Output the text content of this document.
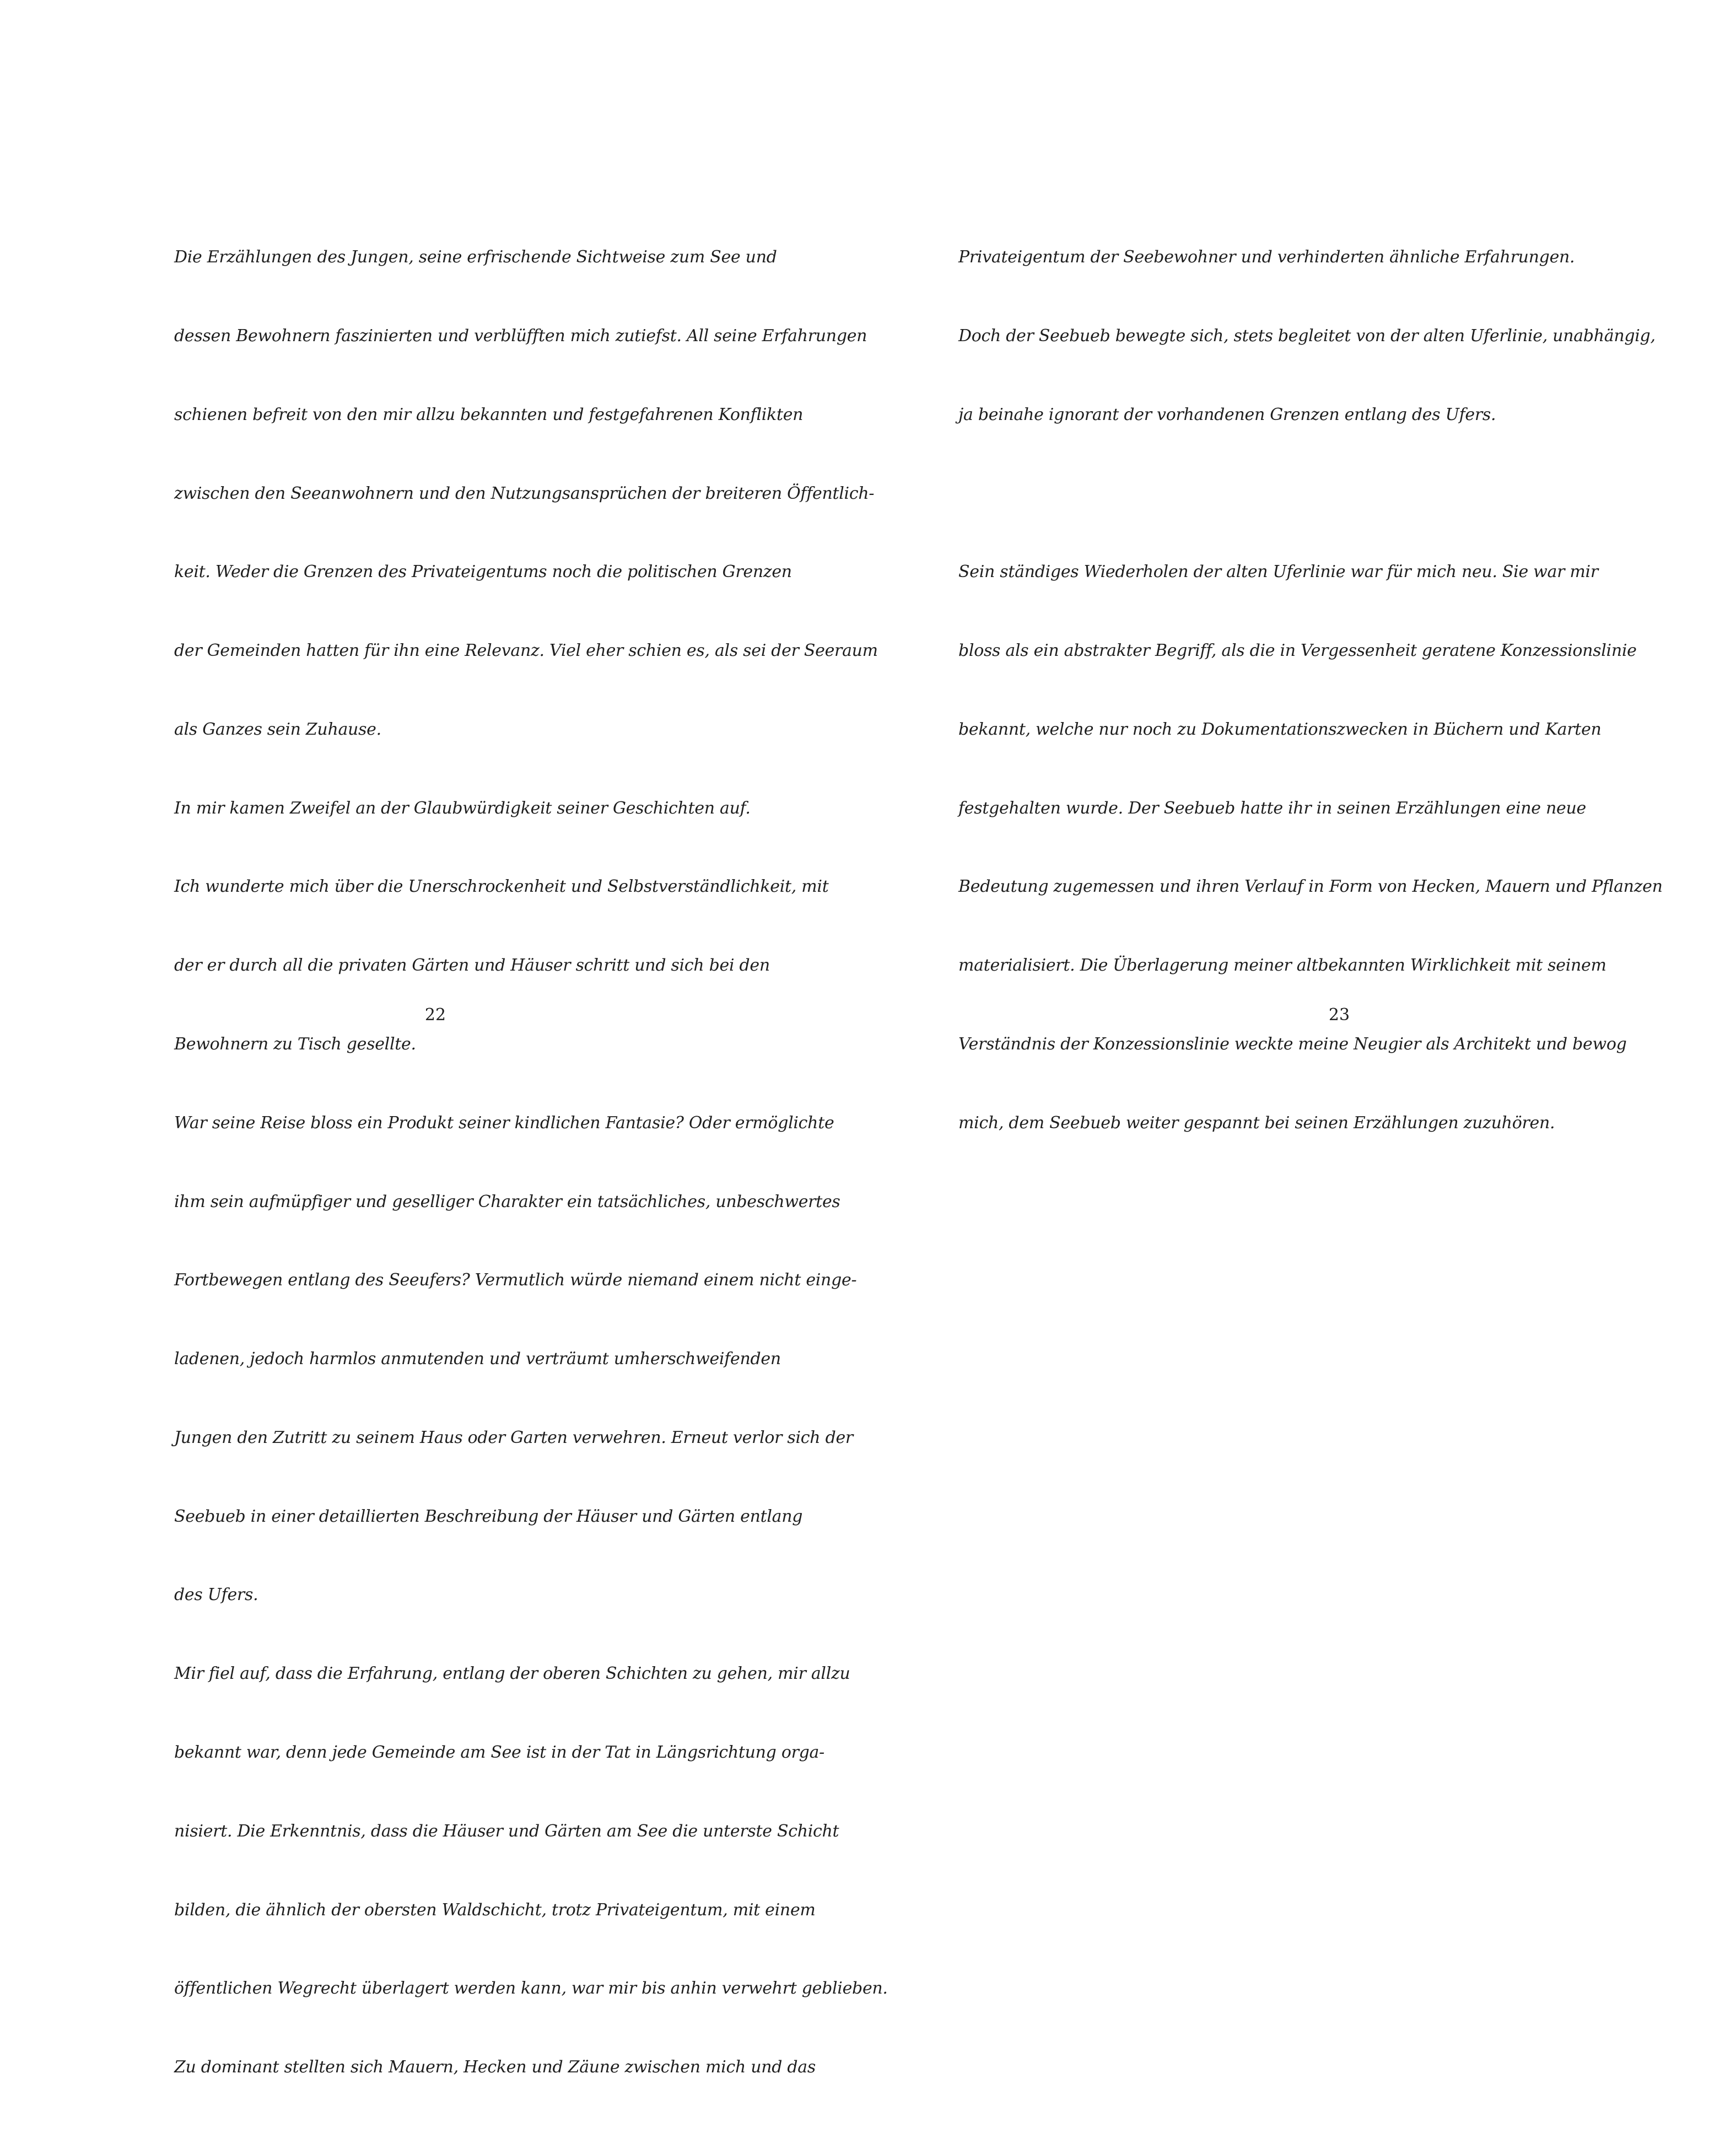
Die Erzählungen des Jungen, seine erfrischende Sichtweise zum See und

dessen Bewohnern faszinierten und verblüfften mich zutiefst. All seine Erfahrungen

schienen befreit von den mir allzu bekannten und festgefahrenen Konflikten

zwischen den Seeanwohnern und den Nutzungsansprüchen der breiteren Öffentlich-

keit. Weder die Grenzen des Privateigentums noch die politischen Grenzen

der Gemeinden hatten für ihn eine Relevanz. Viel eher schien es, als sei der Seeraum

als Ganzes sein Zuhause.

In mir kamen Zweifel an der Glaubwürdigkeit seiner Geschichten auf.

Ich wunderte mich über die Unerschrockenheit und Selbstverständlichkeit, mit

der er durch all die privaten Gärten und Häuser schritt und sich bei den

Bewohnern zu Tisch gesellte.

War seine Reise bloss ein Produkt seiner kindlichen Fantasie? Oder ermöglichte

ihm sein aufmüpfiger und geselliger Charakter ein tatsächliches, unbeschwertes

Fortbewegen entlang des Seeufers? Vermutlich würde niemand einem nicht einge-

ladenen, jedoch harmlos anmutenden und verträumt umherschweifenden

Jungen den Zutritt zu seinem Haus oder Garten verwehren. Erneut verlor sich der

Seebueb in einer detaillierten Beschreibung der Häuser und Gärten entlang

des Ufers.

Mir fiel auf, dass die Erfahrung, entlang der oberen Schichten zu gehen, mir allzu

bekannt war, denn jede Gemeinde am See ist in der Tat in Längsrichtung orga-

nisiert. Die Erkenntnis, dass die Häuser und Gärten am See die unterste Schicht

bilden, die ähnlich der obersten Waldschicht, trotz Privateigentum, mit einem

öffentlichen Wegrecht überlagert werden kann, war mir bis anhin verwehrt geblieben.

Zu dominant stellten sich Mauern, Hecken und Zäune zwischen mich und das

22

Privateigentum der Seebewohner und verhinderten ähnliche Erfahrungen.

Doch der Seebueb bewegte sich, stets begleitet von der alten Uferlinie, unabhängig,

ja beinahe ignorant der vorhandenen Grenzen entlang des Ufers.

Sein ständiges Wiederholen der alten Uferlinie war für mich neu. Sie war mir

bloss als ein abstrakter Begriff, als die in Vergessenheit geratene Konzessionslinie

bekannt, welche nur noch zu Dokumentationszwecken in Büchern und Karten

festgehalten wurde. Der Seebueb hatte ihr in seinen Erzählungen eine neue

Bedeutung zugemessen und ihren Verlauf in Form von Hecken, Mauern und Pflanzen

materialisiert. Die Überlagerung meiner altbekannten Wirklichkeit mit seinem

Verständnis der Konzessionslinie weckte meine Neugier als Architekt und bewog

mich, dem Seebueb weiter gespannt bei seinen Erzählungen zuzuhören.

23
